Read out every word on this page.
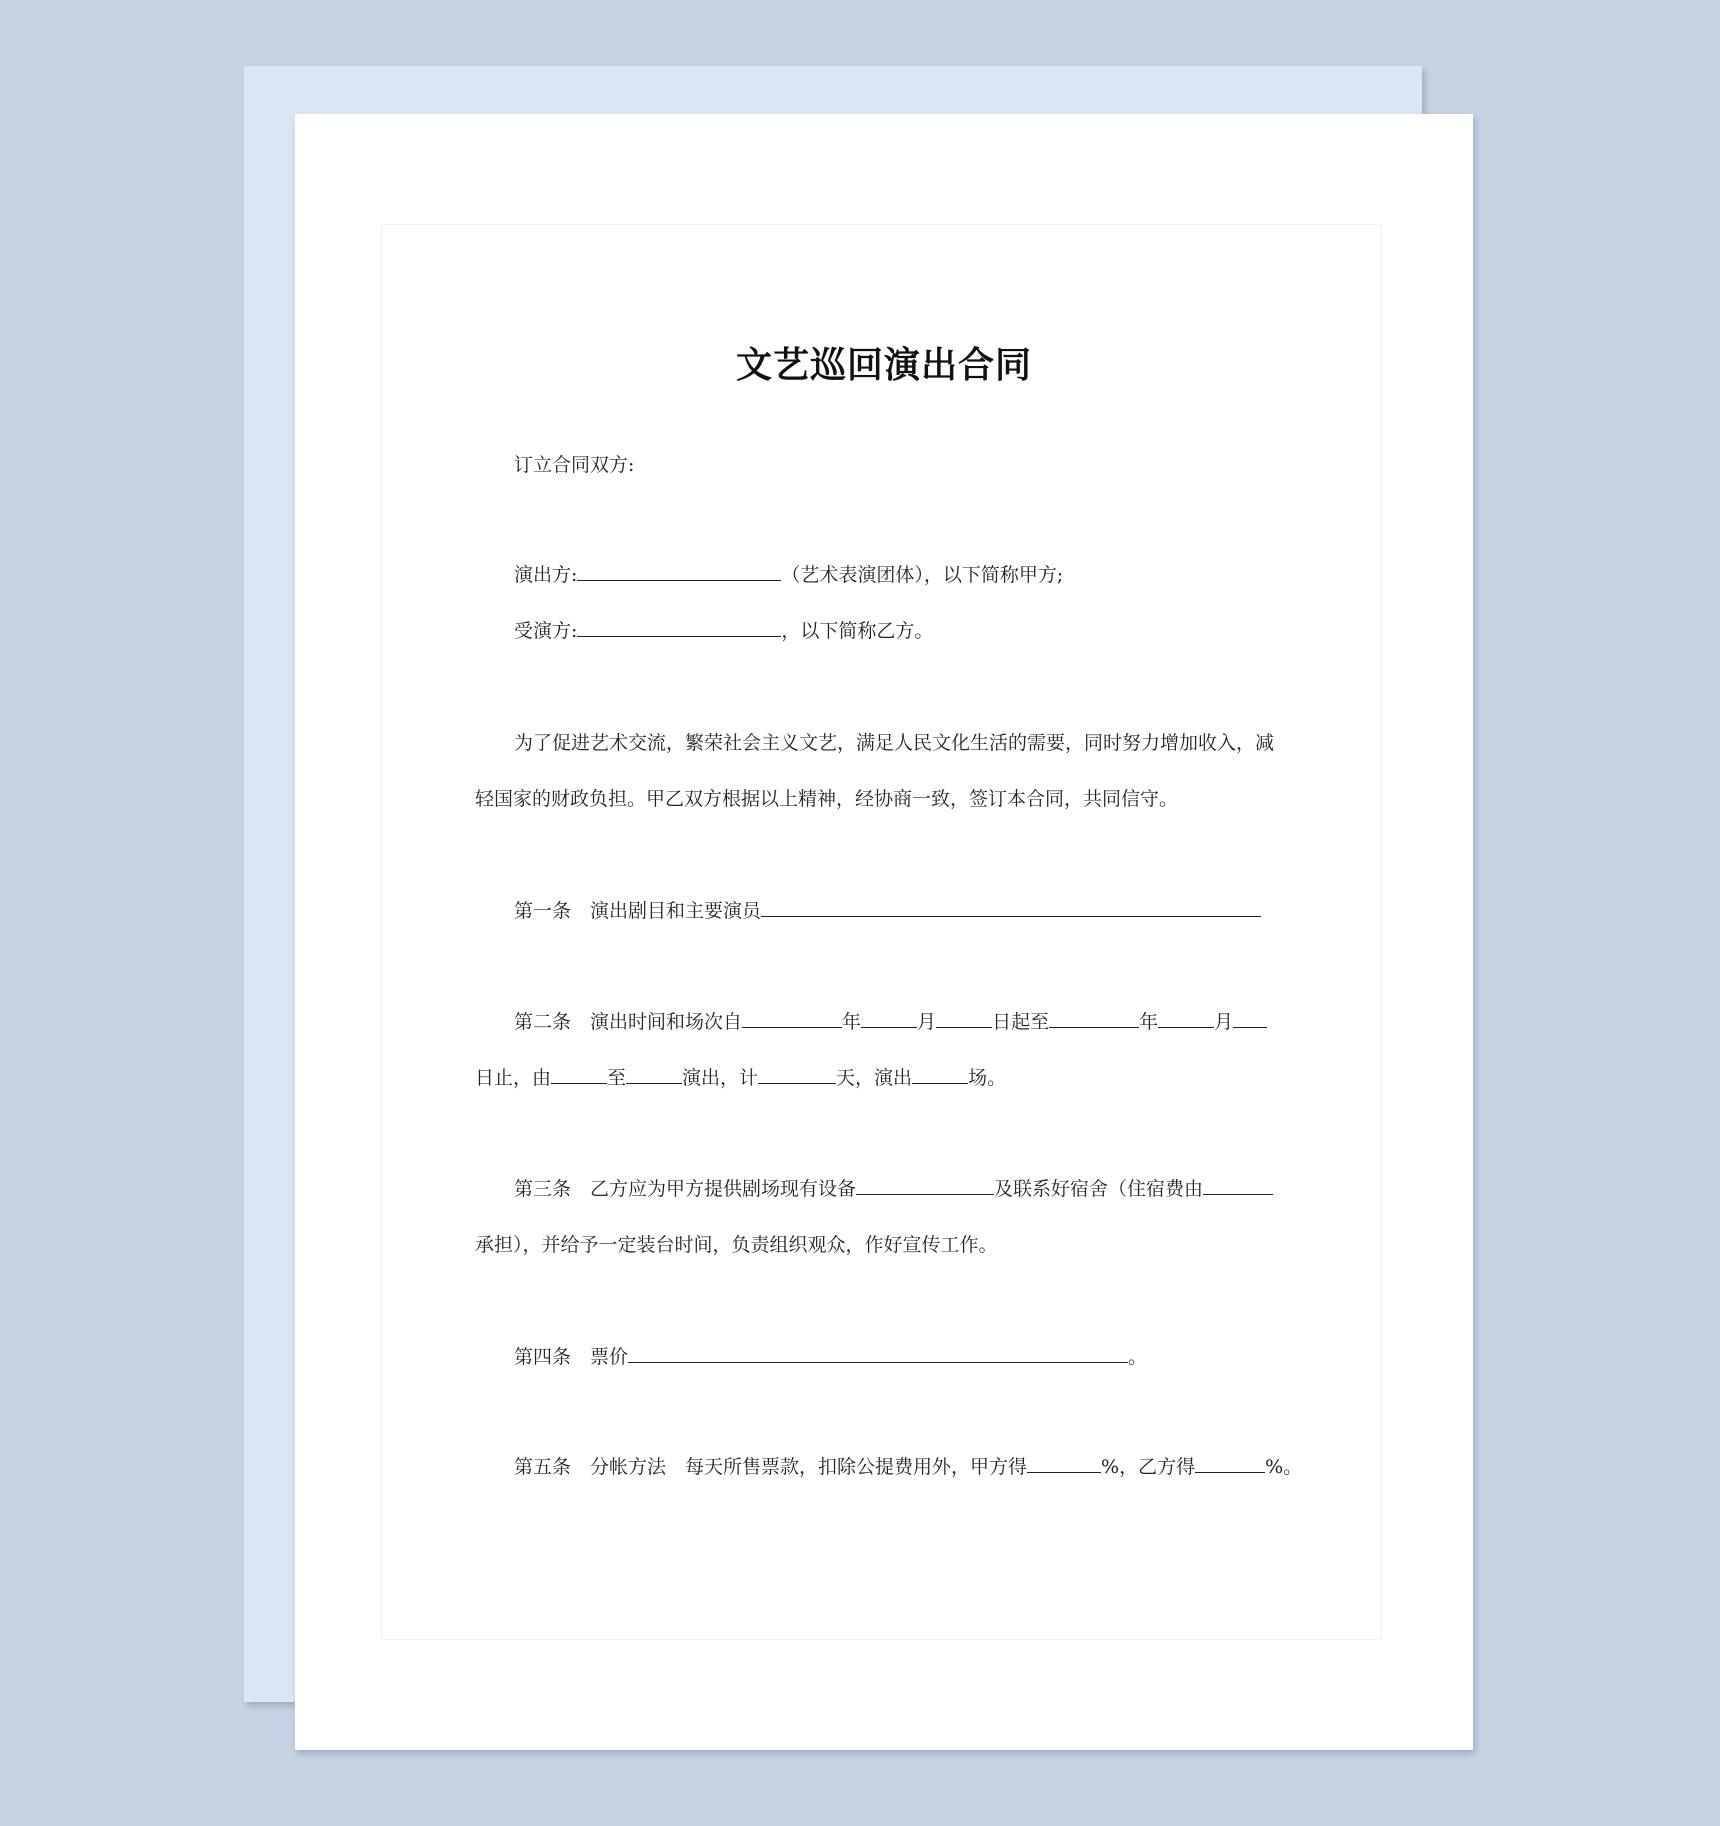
文艺巡回演出合同
订立合同双方:
演出方:	（艺术表演团体），以下简称甲方;
受演方:	，以下简称乙方。
为了促进艺术交流，繁荣社会主义文艺，满足人民文化生活的需要，同时努力增加收入，减
轻国家的财政负担。甲乙双方根据以上精神，经协商一致，签订本合同，共同信守。
第一条 演出剧目和主要演员
第二条 演出时间和场次自	年	月	日起至	年	月
日止，由	至	演出，计	天，演出	场。
第三条 乙方应为甲方提供剧场现有设备	及联系好宿舍（住宿费由
承担），并给予一定装台时间，负责组织观众，作好宣传工作。
第四条 票价	。
第五条 分帐方法 每天所售票款，扣除公提费用外，甲方得	%，乙方得	%。
